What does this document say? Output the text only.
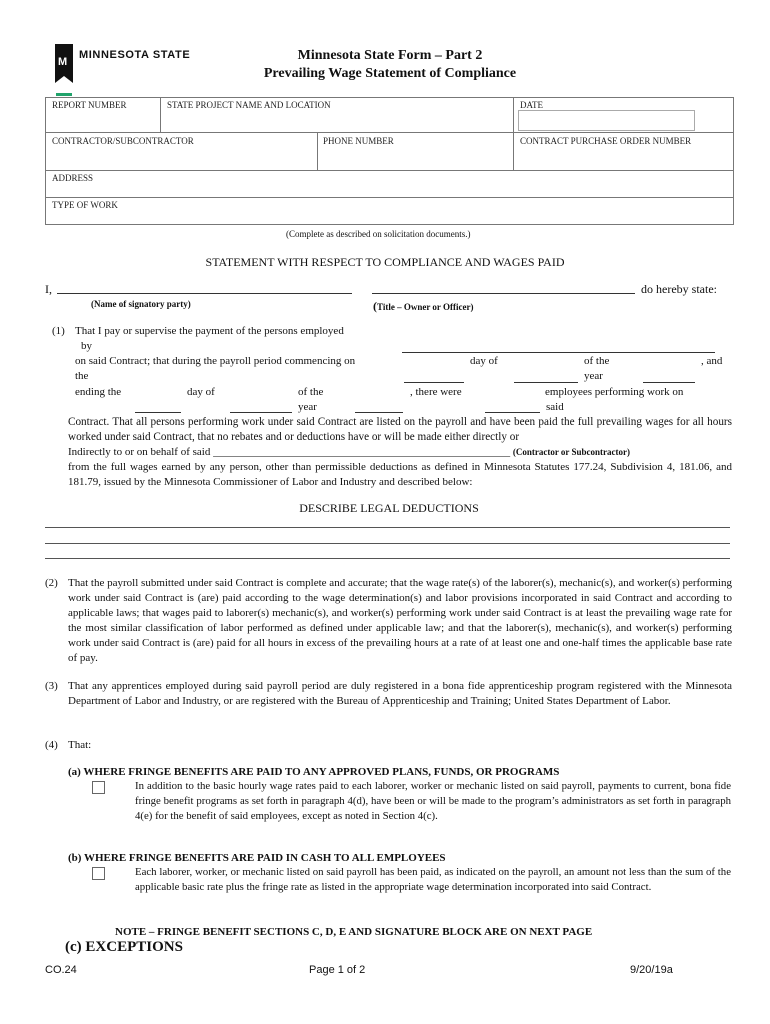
M
MINNESOTA STATE	Minnesota State Form – Part 2
Prevailing Wage Statement of Compliance
REPORT NUMBER	STATE PROJECT NAME AND LOCATION	DATE
CONTRACTOR/SUBCONTRACTOR	PHONE NUMBER	CONTRACT PURCHASE ORDER NUMBER
ADDRESS
TYPE OF WORK
(Complete as described on solicitation documents.)
STATEMENT WITH RESPECT TO COMPLIANCE AND WAGES PAID
I,	do hereby state:
(Name of signatory party)	(Title – Owner or Officer)
(1) That I pay or supervise the payment of the persons employed
by
on said Contract; that during the payroll period commencing on	day of	of the	, and
the	year
ending the	day of	of the	, there were	employees performing work on
year	said
Contract. That all persons performing work under said Contract are listed on the payroll and have been paid the full prevailing wages for all hours worked under said Contract, that no rebates and or deductions have or will be made either directly or
Indirectly to or on behalf of said ______________________________________________________ (Contractor or Subcontractor)
from the full wages earned by any person, other than permissible deductions as defined in Minnesota Statutes 177.24, Subdivision 4, 181.06, and 181.79, issued by the Minnesota Commissioner of Labor and Industry and described below:
DESCRIBE LEGAL DEDUCTIONS
(2) That the payroll submitted under said Contract is complete and accurate; that the wage rate(s) of the laborer(s), mechanic(s), and worker(s) performing work under said Contract is (are) paid according to the wage determination(s) and labor provisions incorporated in said Contract and according to applicable laws; that wages paid to laborer(s) mechanic(s), and worker(s) performing work under said Contract is at least the prevailing wage rate for the most similar classification of labor performed as defined under applicable law; and that the laborer(s), mechanic(s), and worker(s) performing work under said Contract is (are) paid for all hours in excess of the prevailing hours at a rate of at least one and one-half times the applicable base rate of pay.
(3) That any apprentices employed during said payroll period are duly registered in a bona fide apprenticeship program registered with the Minnesota Department of Labor and Industry, or are registered with the Bureau of Apprenticeship and Training; United States Department of Labor.
(4) That:
(a) WHERE FRINGE BENEFITS ARE PAID TO ANY APPROVED PLANS, FUNDS, OR PROGRAMS
In addition to the basic hourly wage rates paid to each laborer, worker or mechanic listed on said payroll, payments to current, bona fide fringe benefit programs as set forth in paragraph 4(d), have been or will be made to the program’s administrators as set forth in paragraph 4(e) for the benefit of said employees, except as noted in Section 4(c).
(b) WHERE FRINGE BENEFITS ARE PAID IN CASH TO ALL EMPLOYEES
Each laborer, worker, or mechanic listed on said payroll has been paid, as indicated on the payroll, an amount not less than the sum of the applicable basic rate plus the fringe rate as listed in the appropriate wage determination incorporated into said Contract.
NOTE – FRINGE BENEFIT SECTIONS C, D, E AND SIGNATURE BLOCK ARE ON NEXT PAGE
(c) EXCEPTIONS
CO.24	Page 1 of 2	9/20/19a
